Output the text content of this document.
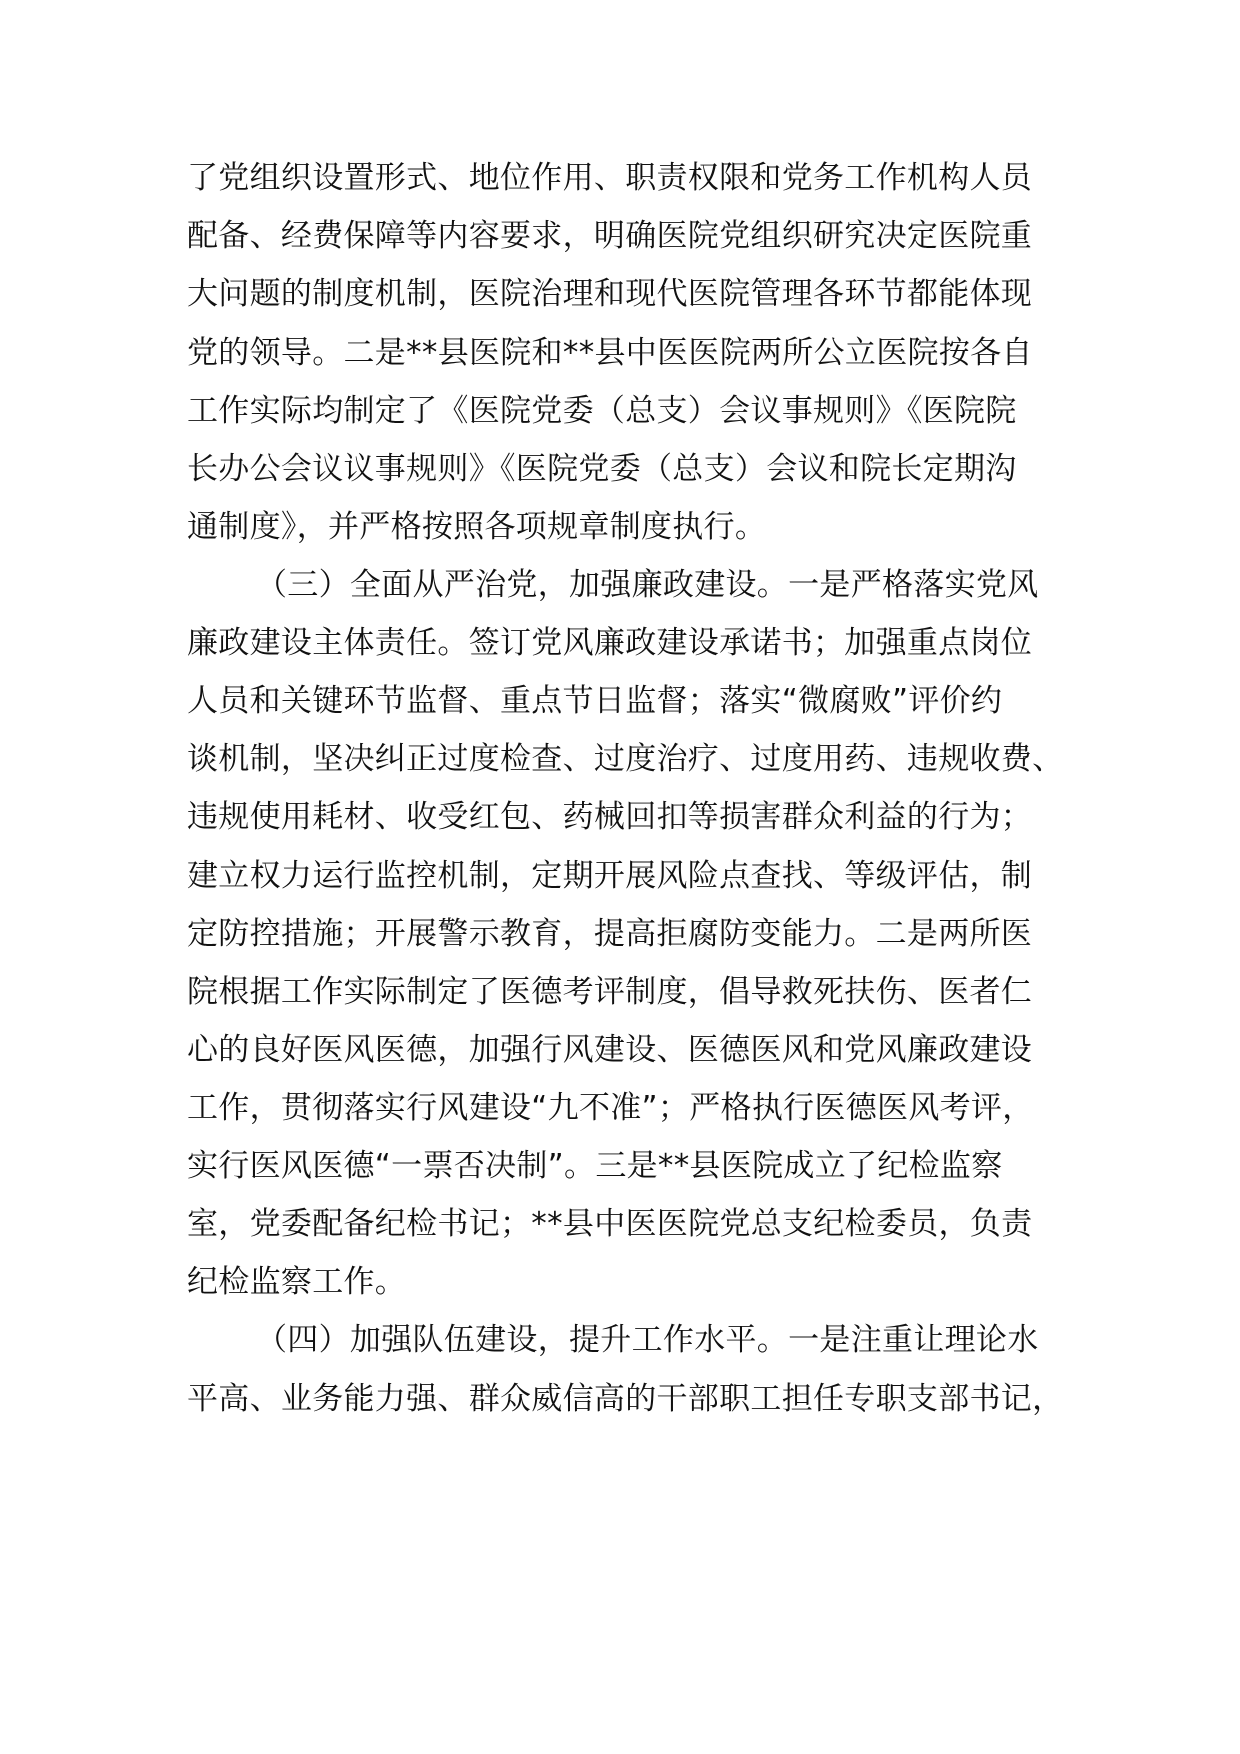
了党组织设置形式、地位作用、职责权限和党务工作机构人员
配备、经费保障等内容要求，明确医院党组织研究决定医院重
大问题的制度机制，医院治理和现代医院管理各环节都能体现
党的领导。二是**县医院和**县中医医院两所公立医院按各自
工作实际均制定了《医院党委（总支）会议事规则》《医院院
长办公会议议事规则》《医院党委（总支）会议和院长定期沟
通制度》，并严格按照各项规章制度执行。
（三）全面从严治党，加强廉政建设。一是严格落实党风
廉政建设主体责任。签订党风廉政建设承诺书；加强重点岗位
人员和关键环节监督、重点节日监督；落实“微腐败”评价约
谈机制，坚决纠正过度检查、过度治疗、过度用药、违规收费、
违规使用耗材、收受红包、药械回扣等损害群众利益的行为；
建立权力运行监控机制，定期开展风险点查找、等级评估，制
定防控措施；开展警示教育，提高拒腐防变能力。二是两所医
院根据工作实际制定了医德考评制度，倡导救死扶伤、医者仁
心的良好医风医德，加强行风建设、医德医风和党风廉政建设
工作，贯彻落实行风建设“九不准”；严格执行医德医风考评，
实行医风医德“一票否决制”。三是**县医院成立了纪检监察
室，党委配备纪检书记；**县中医医院党总支纪检委员，负责
纪检监察工作。
（四）加强队伍建设，提升工作水平。一是注重让理论水
平高、业务能力强、群众威信高的干部职工担任专职支部书记，
